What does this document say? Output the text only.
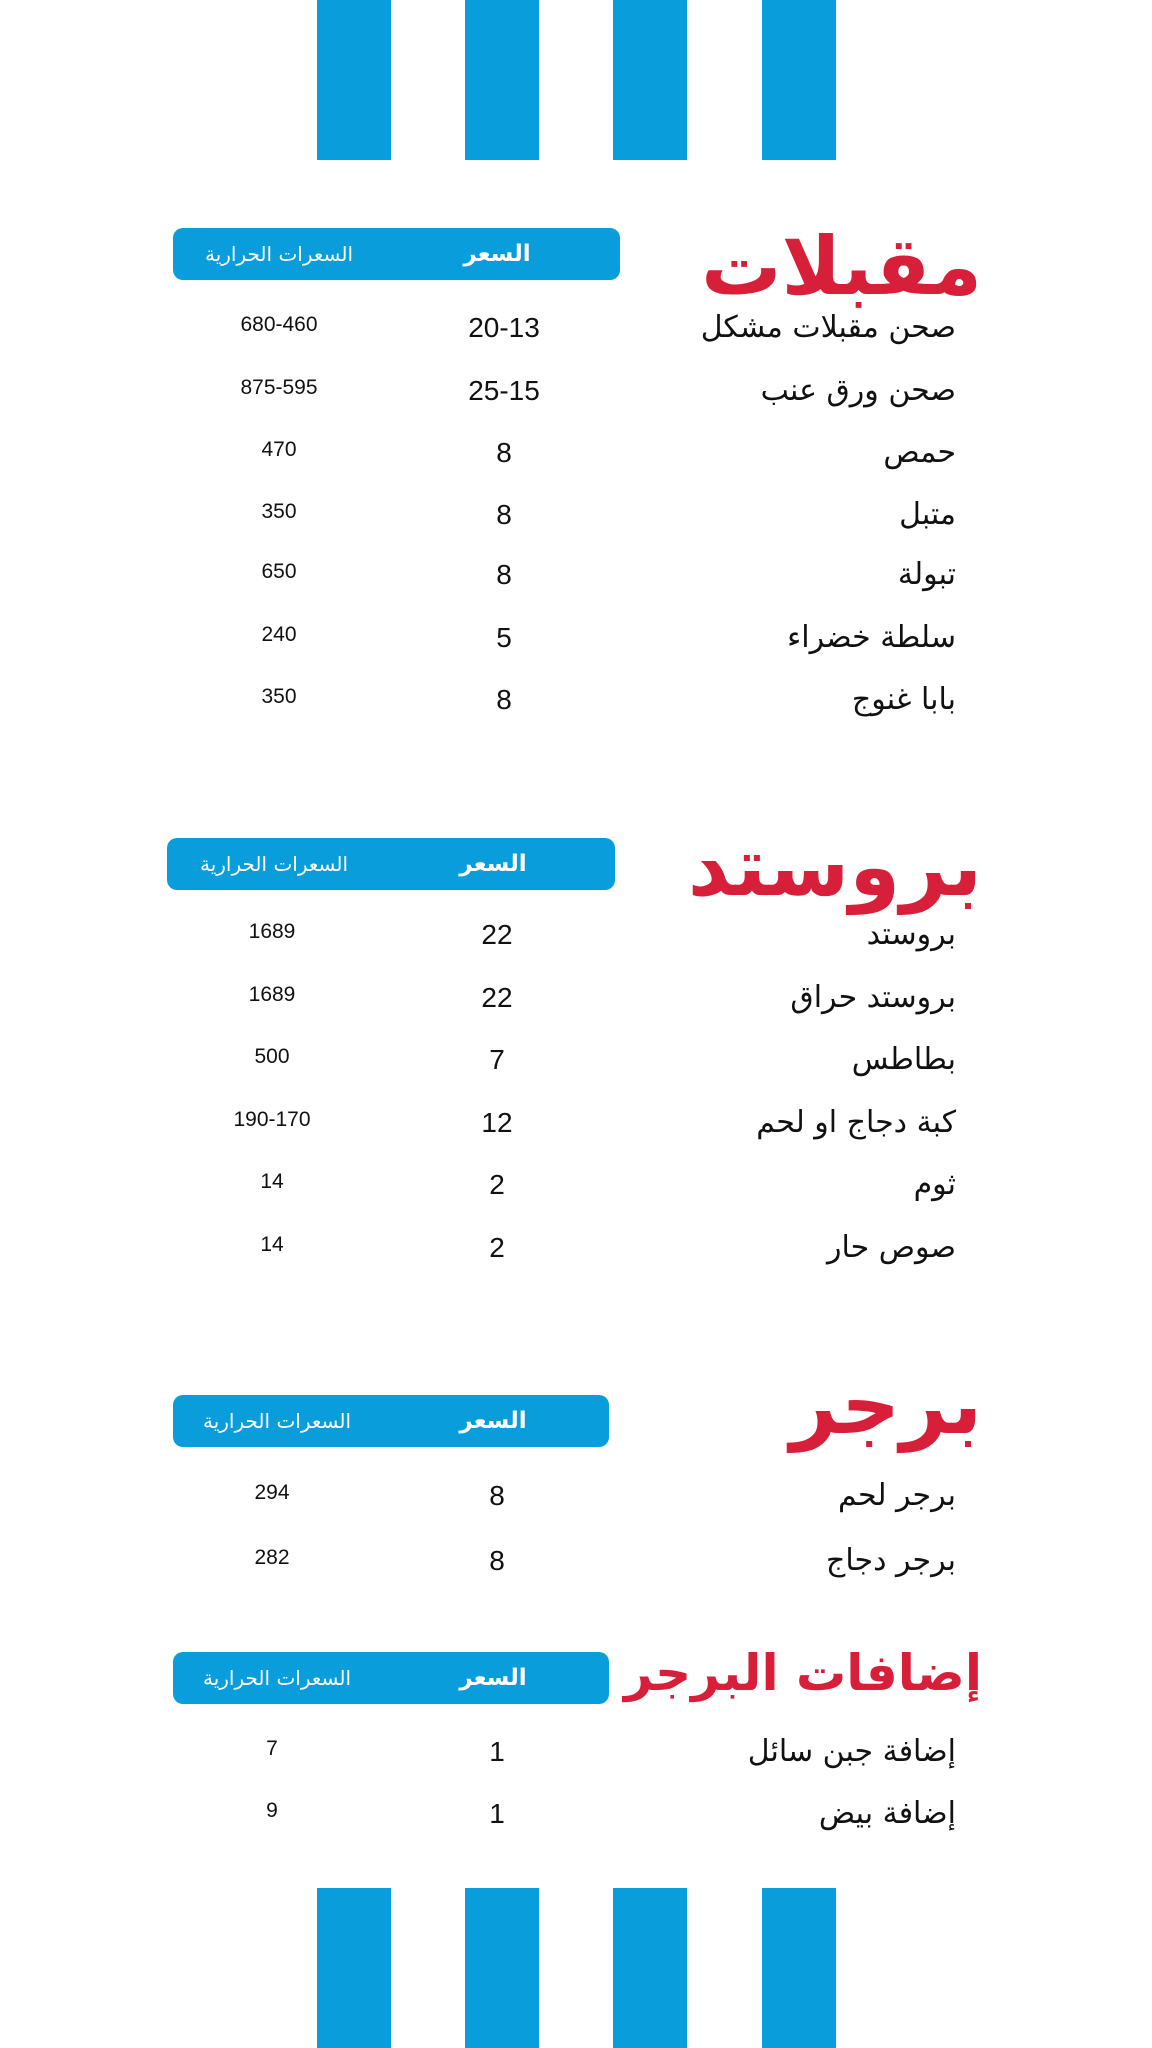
مقبلات
السعر
السعرات الحرارية
صحن مقبلات مشكل
20-13
680-460
صحن ورق عنب
25-15
875-595
حمص
8
470
متبل
8
350
تبولة
8
650
سلطة خضراء
5
240
بابا غنوج
8
350
بروستد
السعر
السعرات الحرارية
بروستد
22
1689
بروستد حراق
22
1689
بطاطس
7
500
كبة دجاج او لحم
12
190-170
ثوم
2
14
صوص حار
2
14
برجر
السعر
السعرات الحرارية
برجر لحم
8
294
برجر دجاج
8
282
إضافات البرجر
السعر
السعرات الحرارية
إضافة جبن سائل
1
7
إضافة بيض
1
9
